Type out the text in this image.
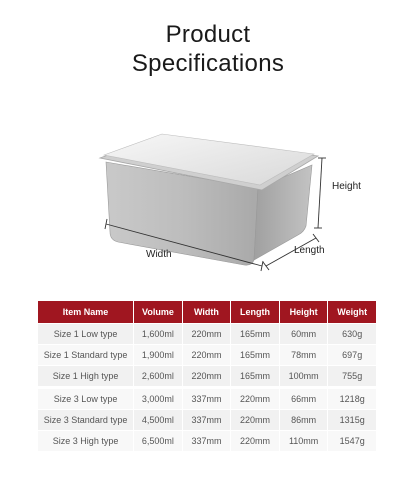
Product
Specifications
Height
Length
Width
Item Name	Volume	Width	Length	Height	Weight
Size 1 Low type	1,600ml	220mm	165mm	60mm	630g
Size 1 Standard type	1,900ml	220mm	165mm	78mm	697g
Size 1 High type	2,600ml	220mm	165mm	100mm	755g
Size 3 Low type	3,000ml	337mm	220mm	66mm	1218g
Size 3 Standard type	4,500ml	337mm	220mm	86mm	1315g
Size 3 High type	6,500ml	337mm	220mm	110mm	1547g
